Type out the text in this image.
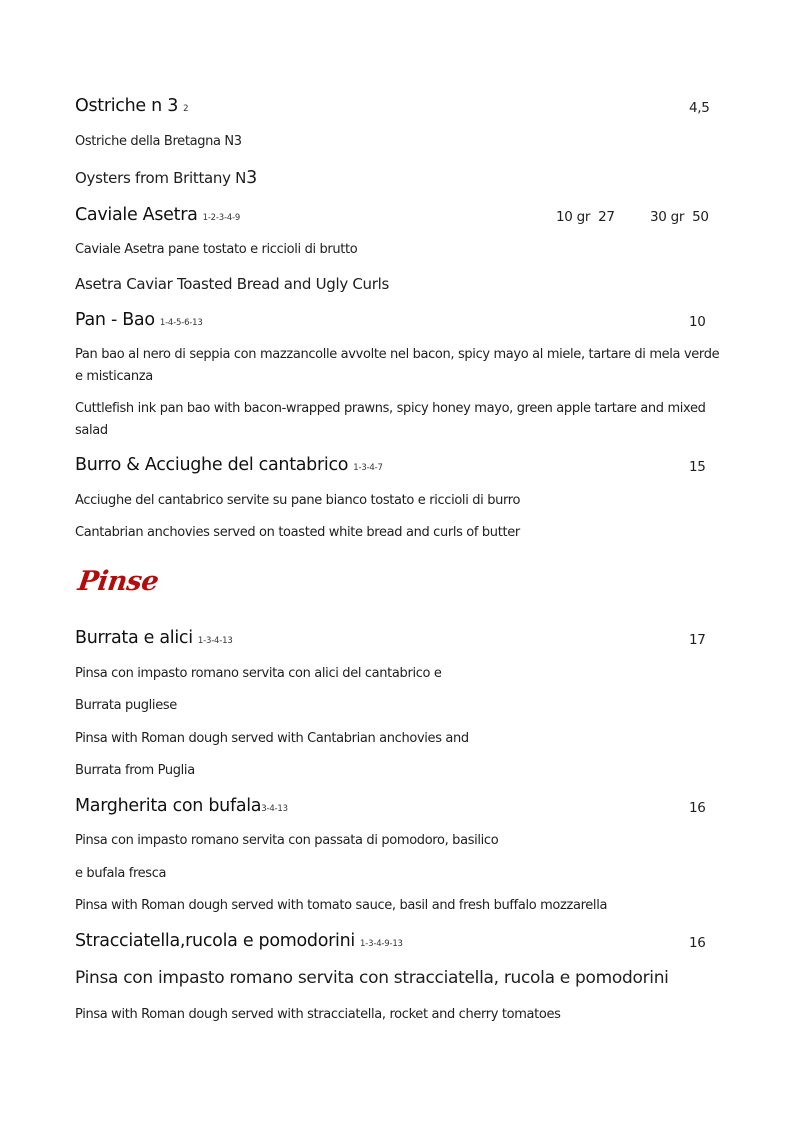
Ostriche n 3 2	4,5
Ostriche della Bretagna N3
Oysters from Brittany N3
Caviale Asetra 1-2-3-4-9	10 gr  27	30 gr  50
Caviale Asetra pane tostato e riccioli di brutto
Asetra Caviar Toasted Bread and Ugly Curls
Pan - Bao 1-4-5-6-13	10
Pan bao al nero di seppia con mazzancolle avvolte nel bacon, spicy mayo al miele, tartare di mela verde e misticanza
Cuttlefish ink pan bao with bacon-wrapped prawns, spicy honey mayo, green apple tartare and mixed salad
Burro & Acciughe del cantabrico 1-3-4-7	15
Acciughe del cantabrico servite su pane bianco tostato e riccioli di burro
Cantabrian anchovies served on toasted white bread and curls of butter
Pinse
Burrata e alici 1-3-4-13	17
Pinsa con impasto romano servita con alici del cantabrico e
Burrata pugliese
Pinsa with Roman dough served with Cantabrian anchovies and
Burrata from Puglia
Margherita con bufala3-4-13	16
Pinsa con impasto romano servita con passata di pomodoro, basilico
e bufala fresca
Pinsa with Roman dough served with tomato sauce, basil and fresh buffalo mozzarella
Stracciatella,rucola e pomodorini 1-3-4-9-13	16
Pinsa con impasto romano servita con stracciatella, rucola e pomodorini
Pinsa with Roman dough served with stracciatella, rocket and cherry tomatoes
